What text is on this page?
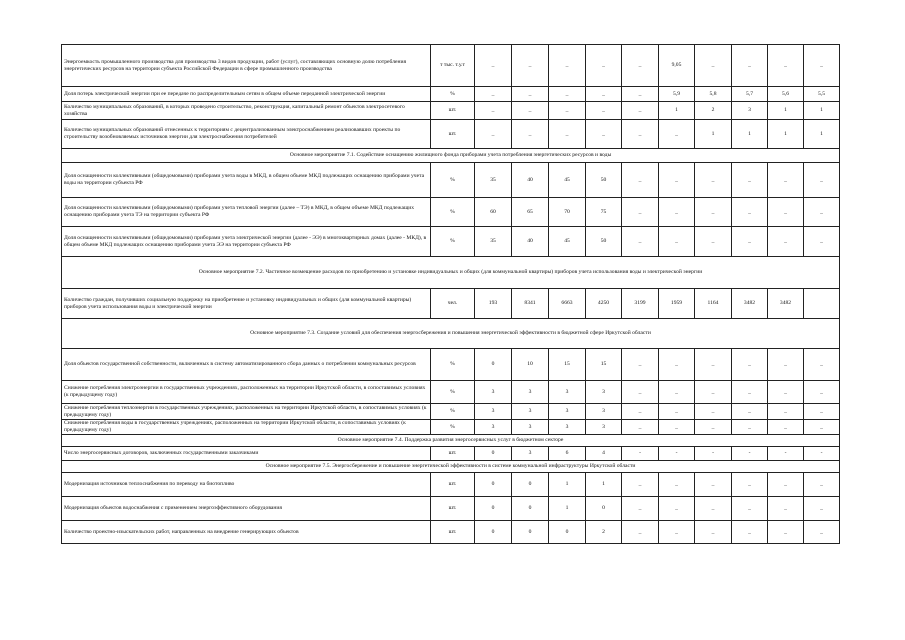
Энергоемкость промышленного производства для производства 3 видов продукции, работ (услуг), составляющих основную долю потребления энергетических ресурсов на территории субъекта Российской Федерации в сфере промышленного производства	т тыс. т.у.т	_	_	_	_	_	9,05	_	_	_	_
Доля потерь электрической энергии при ее передаче по распределительным сетям в общем объеме переданной электрической энергии	%	_	_	_	_	_	5,9	5,8	5,7	5,6	5,5
Количество муниципальных образований, в которых проведено строительство, реконструкция, капитальный ремонт объектов электросетевого хозяйства	шт.	_	_	_	_	_	1	2	3	1	1
Количество муниципальных образований отнесенных к территориям с децентрализованным электроснабжением реализовавших проекты по строительству возобновляемых источников энергии для электроснабжения потребителей	шт.	_	_	_	_	_	_	1	1	1	1
Основное мероприятие 7.1. Содействие оснащению жилищного фонда приборами учета потребления энергетических ресурсов и воды											
Доля оснащенности коллективными (общедомовыми) приборами учета воды в МКД, в общем объеме МКД подлежащих оснащению приборами учета воды на территории субъекта РФ	%	35	40	45	50	_	_	_	_	_	_
Доля оснащенности коллективными (общедомовыми) приборами учета тепловой энергии (далее – ТЭ) в МКД, в общем объеме МКД подлежащих оснащению приборами учета ТЭ на территории субъекта РФ	%	60	65	70	75	_	_	_	_	_	_
Доля оснащенности коллективными (общедомовыми) приборами учета электрической энергии (далее - ЭЭ) в многоквартирных домах (далее - МКД), в общем объеме МКД подлежащих оснащению приборами учета ЭЭ на территории субъекта РФ	%	35	40	45	50	_	_	_	_	_	_
Основное мероприятие 7.2. Частичное возмещение расходов по приобретению и установке индивидуальных и общих (для коммунальной квартиры) приборов учета использования воды и электрической энергии											
Количество граждан, получивших социальную поддержку на приобретение и установку индивидуальных и общих (для коммунальной квартиры) приборов учета использования воды и электрической энергии	чел.	193	8341	6663	4250	3199	1959	1164	3482	3482	
Основное мероприятие 7.3. Создание условий для обеспечения энергосбережения и повышения энергетической эффективности в бюджетной сфере Иркутской области											
Доля объектов государственной собственности, включенных в систему автоматизированного сбора данных о потреблении коммунальных ресурсов	%	0	10	15	15	_	_	_	_	_	_
Снижение потребления электроэнергии в государственных учреждениях, расположенных на территории Иркутской области, в сопоставимых условиях (к предыдущему году)	%	3	3	3	3	_	_	_	_	_	_
Снижение потребления теплоэнергии в государственных учреждениях, расположенных на территории Иркутской области, в сопоставимых условиях (к предыдущему году)	%	3	3	3	3	_	_	_	_	_	_
Снижение потребления воды в государственных учреждениях, расположенных на территории Иркутской области, в сопоставимых условиях (к предыдущему году)	%	3	3	3	3	_	_	_	_	_	_
Основное мероприятие 7.4. Поддержка развития энергосервисных услуг в бюджетном секторе											
Число энергосервисных договоров, заключенных государственными заказчиками	шт.	0	3	6	4	-	-	-	-	-	-
Основное мероприятие 7.5. Энергосбережение и повышение энергетической эффективности в системе коммунальной инфраструктуры Иркутской области											
Модернизация источников теплоснабжения по переводу на биотопливо	шт.	0	0	1	1	_	_	_	_	_	_
Модернизация объектов водоснабжения с применением энергоэффективного оборудования	шт.	0	0	1	0	_	_	_	_	_	_
Количество проектно-изыскательских работ, направленных на внедрение генерирующих объектов	шт.	0	0	0	2	_	_	_	_	_	_
